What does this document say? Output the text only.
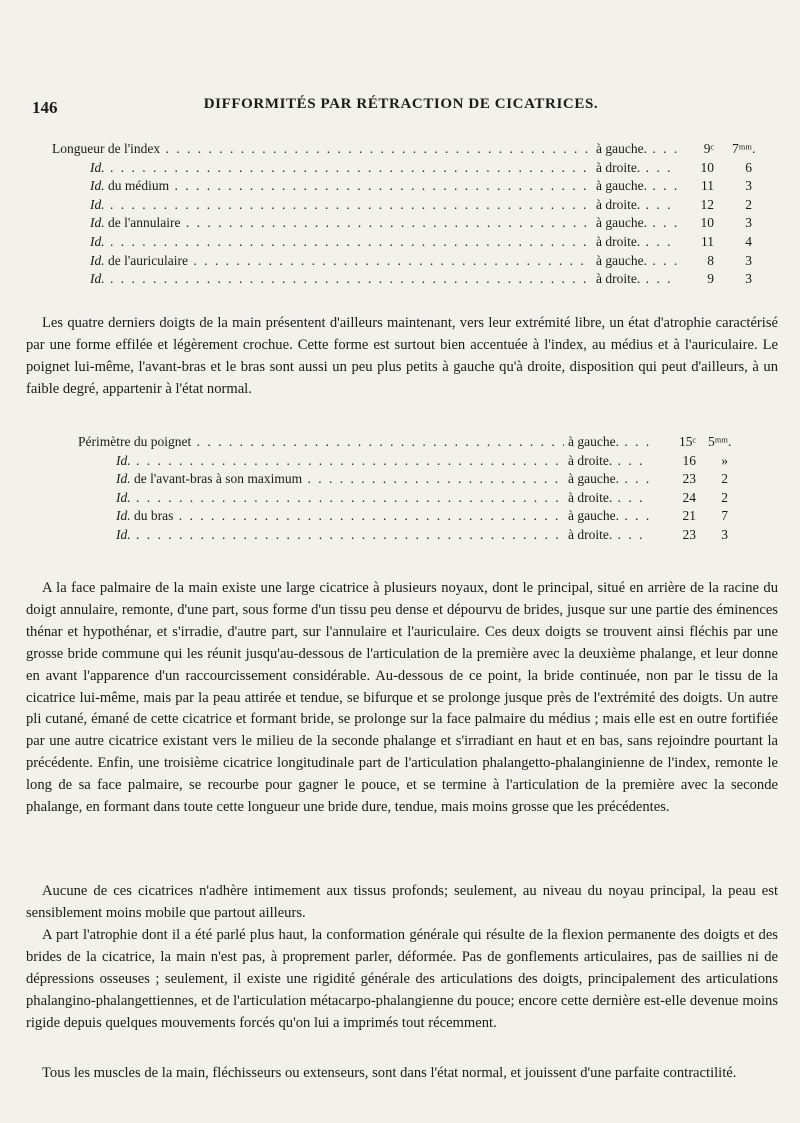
146	DIFFORMITÉS PAR RÉTRACTION DE CICATRICES.
Longueur de l'index . . .	à gauche. . . .	9ᶜ 7ᵐᵐ.
Id. . . .	à droite. . . .	10	6
Id. du médium . . .	à gauche. . . .	11	3
Id. . . .	à droite. . . .	12	2
Id. de l'annulaire . . .	à gauche. . . .	10	3
Id. . . .	à droite. . . .	11	4
Id. de l'auriculaire . . .	à gauche. . . .	8	3
Id. . . .	à droite. . . .	9	3

Les quatre derniers doigts de la main présentent d'ailleurs maintenant, vers leur extrémité libre, un état d'atrophie caractérisé par une forme effilée et légèrement crochue. Cette forme est surtout bien accentuée à l'index, au médius et à l'auriculaire. Le poignet lui-même, l'avant-bras et le bras sont aussi un peu plus petits à gauche qu'à droite, disposition qui peut d'ailleurs, à un faible degré, appartenir à l'état normal.

Périmètre du poignet . . .	à gauche. . . .	15ᶜ 5ᵐᵐ.
Id. . . .	à droite. . . .	16	»
Id. de l'avant-bras à son maximum . . .	à gauche. . . .	23	2
Id. . . .	à droite. . . .	24	2
Id. du bras . . .	à gauche. . . .	21	7
Id. . . .	à droite. . . .	23	3

A la face palmaire de la main existe une large cicatrice à plusieurs noyaux, dont le principal, situé en arrière de la racine du doigt annulaire, remonte, d'une part, sous forme d'un tissu peu dense et dépourvu de brides, jusque sur une partie des éminences thénar et hypothénar, et s'irradie, d'autre part, sur l'annulaire et l'auriculaire. Ces deux doigts se trouvent ainsi fléchis par une grosse bride commune qui les réunit jusqu'au-dessous de l'articulation de la première avec la deuxième phalange, et leur donne en avant l'apparence d'un raccourcissement considérable. Au-dessous de ce point, la bride continuée, non par le tissu de la cicatrice lui-même, mais par la peau attirée et tendue, se bifurque et se prolonge jusque près de l'extrémité des doigts. Un autre pli cutané, émané de cette cicatrice et formant bride, se prolonge sur la face palmaire du médius ; mais elle est en outre fortifiée par une autre cicatrice existant vers le milieu de la seconde phalange et s'irradiant en haut et en bas, sans rejoindre pourtant la précédente. Enfin, une troisième cicatrice longitudinale part de l'articulation phalangetto-phalanginienne de l'index, remonte le long de sa face palmaire, se recourbe pour gagner le pouce, et se termine à l'articulation de la première avec la seconde phalange, en formant dans toute cette longueur une bride dure, tendue, mais moins grosse que les précédentes.

Aucune de ces cicatrices n'adhère intimement aux tissus profonds; seulement, au niveau du noyau principal, la peau est sensiblement moins mobile que partout ailleurs.

A part l'atrophie dont il a été parlé plus haut, la conformation générale qui résulte de la flexion permanente des doigts et des brides de la cicatrice, la main n'est pas, à proprement parler, déformée. Pas de gonflements articulaires, pas de saillies ni de dépressions osseuses ; seulement, il existe une rigidité générale des articulations des doigts, principalement des articulations phalangino-phalangettiennes, et de l'articulation métacarpo-phalangienne du pouce; encore cette dernière est-elle devenue moins rigide depuis quelques mouvements forcés qu'on lui a imprimés tout récemment.

Tous les muscles de la main, fléchisseurs ou extenseurs, sont dans l'état normal, et jouissent d'une parfaite contractilité.
